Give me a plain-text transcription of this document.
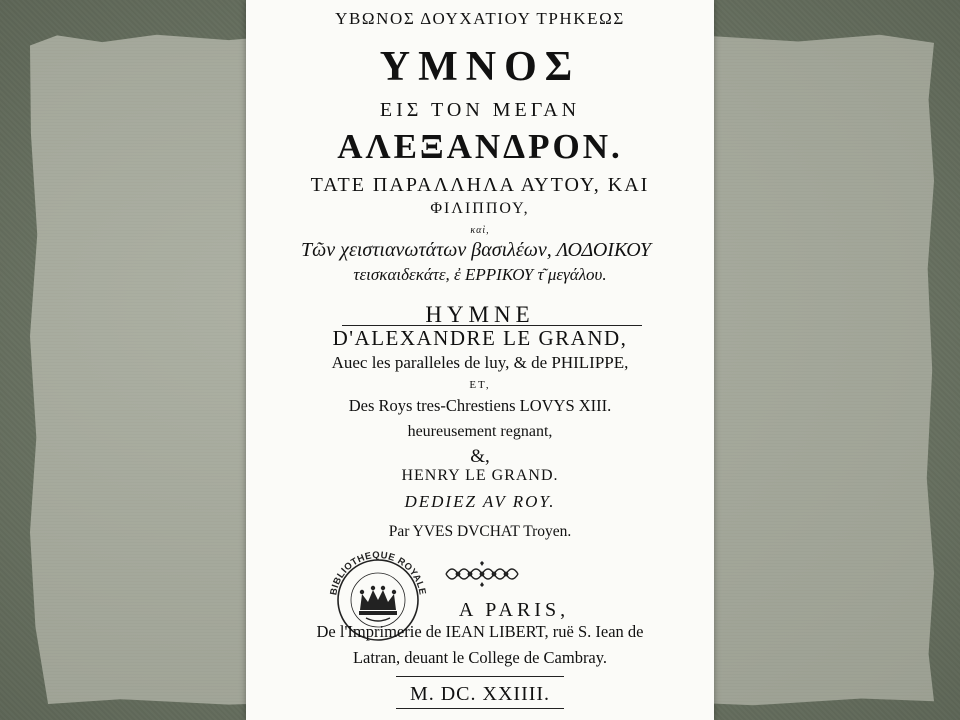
ΥΒΩΝΟΣ ΔΟΥΧΑΤΙΟΥ ΤΡΗΚΕΩΣ
ΥΜΝΟΣ
ΕΙΣ ΤΟΝ ΜΕΓΑΝ
ΑΛΕΞΑΝΔΡΟΝ.
ΤΑΤΕ ΠΑΡΑΛΛΗΛΑ ΑΥΤΟΥ, ΚΑΙ
ΦΙΛΙΠΠΟΥ,
καὶ,
Τῶν χειστιανωτάτων βασιλέων, ΛΟΔΟΙΚΟΥ
τεισκαιδεκάτε, ἐ ΕΡΡΙΚΟΥ τ͂ μεγάλου.
HYMNE
D'ALEXANDRE LE GRAND,
Auec les paralleles de luy, & de PHILIPPE,
ET,
Des Roys tres-Chrestiens LOVYS XIII.
heureusement regnant,
&,
HENRY LE GRAND.
DEDIEZ AV ROY.
Par YVES DVCHAT Troyen.
BIBLIOTHEQUE ROYALE
A PARIS,
De l'Imprimerie de IEAN LIBERT, ruë S. Iean de
Latran, deuant le College de Cambray.
M. DC. XXIIII.
